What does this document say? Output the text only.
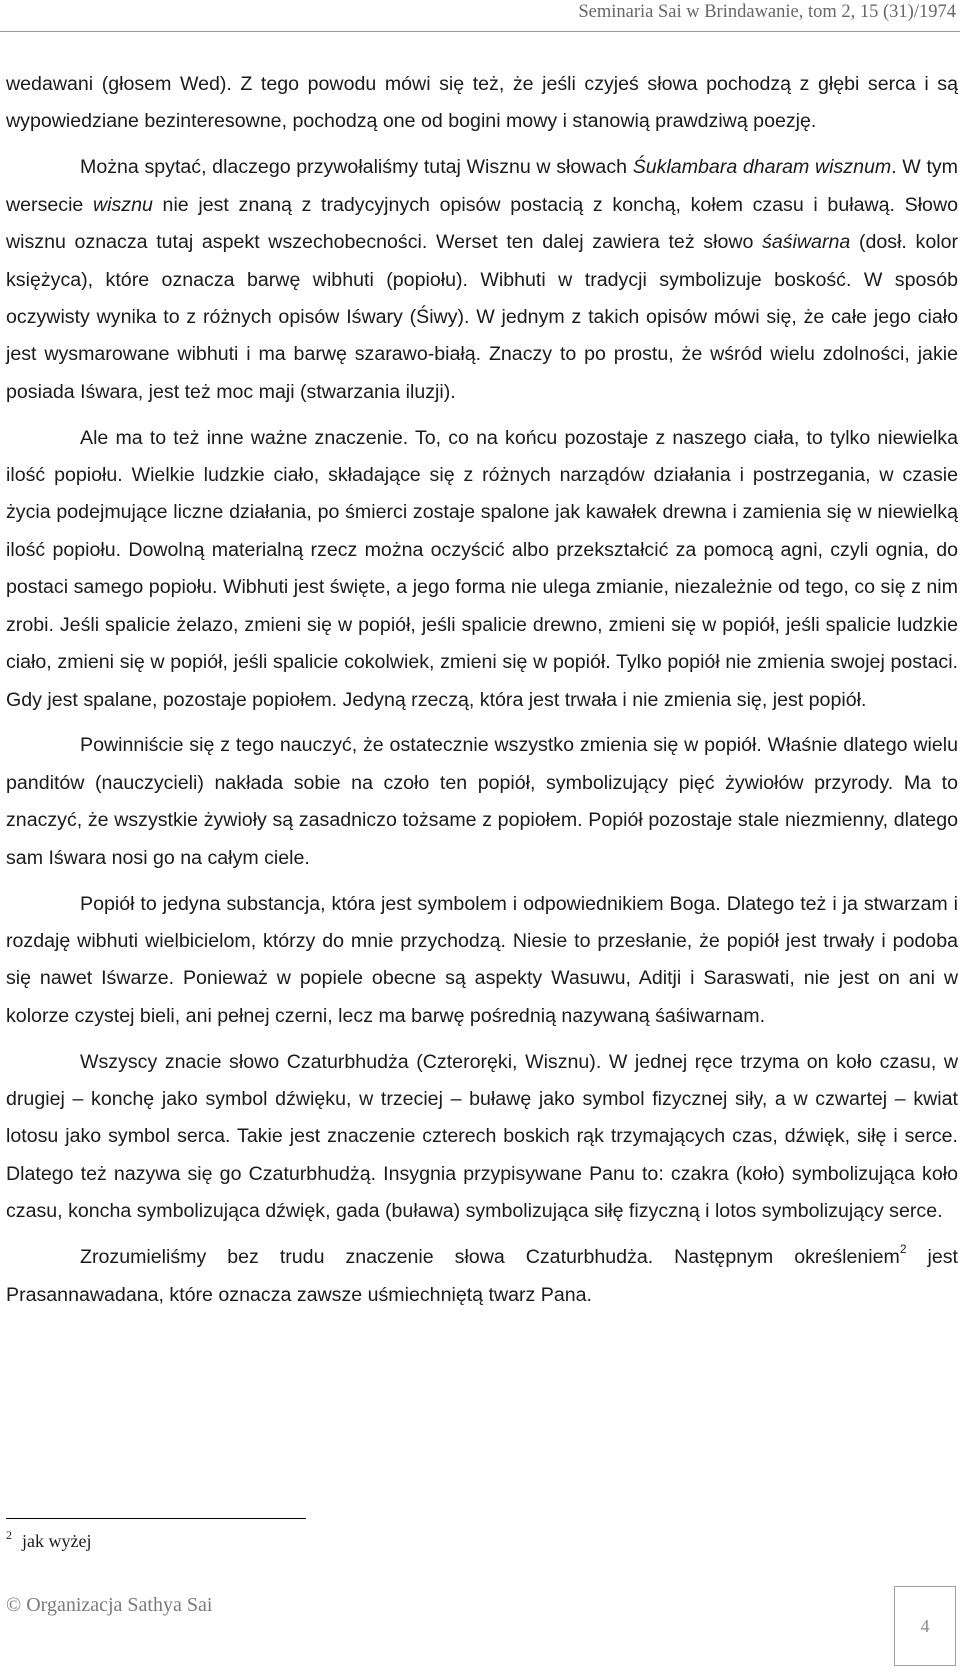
Seminaria Sai w Brindawanie, tom 2, 15 (31)/1974

wedawani (głosem Wed). Z tego powodu mówi się też, że jeśli czyjeś słowa pochodzą z głębi serca i są wypowiedziane bezinteresowne, pochodzą one od bogini mowy i stanowią prawdziwą poezję.

Można spytać, dlaczego przywołaliśmy tutaj Wisznu w słowach Śuklambara dharam wisznum. W tym wersecie wisznu nie jest znaną z tradycyjnych opisów postacią z konchą, kołem czasu i buławą. Słowo wisznu oznacza tutaj aspekt wszechobecności. Werset ten dalej zawiera też słowo śaśiwarna (dosł. kolor księżyca), które oznacza barwę wibhuti (popiołu). Wibhuti w tradycji symbolizuje boskość. W sposób oczywisty wynika to z różnych opisów Iśwary (Śiwy). W jednym z takich opisów mówi się, że całe jego ciało jest wysmarowane wibhuti i ma barwę szarawo-białą. Znaczy to po prostu, że wśród wielu zdolności, jakie posiada Iśwara, jest też moc maji (stwarzania iluzji).

Ale ma to też inne ważne znaczenie. To, co na końcu pozostaje z naszego ciała, to tylko niewielka ilość popiołu. Wielkie ludzkie ciało, składające się z różnych narządów działania i postrzegania, w czasie życia podejmujące liczne działania, po śmierci zostaje spalone jak kawałek drewna i zamienia się w niewielką ilość popiołu. Dowolną materialną rzecz można oczyścić albo przekształcić za pomocą agni, czyli ognia, do postaci samego popiołu. Wibhuti jest święte, a jego forma nie ulega zmianie, niezależnie od tego, co się z nim zrobi. Jeśli spalicie żelazo, zmieni się w popiół, jeśli spalicie drewno, zmieni się w popiół, jeśli spalicie ludzkie ciało, zmieni się w popiół, jeśli spalicie cokolwiek, zmieni się w popiół. Tylko popiół nie zmienia swojej postaci. Gdy jest spalane, pozostaje popiołem. Jedyną rzeczą, która jest trwała i nie zmienia się, jest popiół.

Powinniście się z tego nauczyć, że ostatecznie wszystko zmienia się w popiół. Właśnie dlatego wielu panditów (nauczycieli) nakłada sobie na czoło ten popiół, symbolizujący pięć żywiołów przyrody. Ma to znaczyć, że wszystkie żywioły są zasadniczo tożsame z popiołem. Popiół pozostaje stale niezmienny, dlatego sam Iśwara nosi go na całym ciele.

Popiół to jedyna substancja, która jest symbolem i odpowiednikiem Boga. Dlatego też i ja stwarzam i rozdaję wibhuti wielbicielom, którzy do mnie przychodzą. Niesie to przesłanie, że popiół jest trwały i podoba się nawet Iśwarze. Ponieważ w popiele obecne są aspekty Wasuwu, Aditji i Saraswati, nie jest on ani w kolorze czystej bieli, ani pełnej czerni, lecz ma barwę pośrednią nazywaną śaśiwarnam.

Wszyscy znacie słowo Czaturbhudża (Czteroręki, Wisznu). W jednej ręce trzyma on koło czasu, w drugiej – konchę jako symbol dźwięku, w trzeciej – buławę jako symbol fizycznej siły, a w czwartej – kwiat lotosu jako symbol serca. Takie jest znaczenie czterech boskich rąk trzymających czas, dźwięk, siłę i serce. Dlatego też nazywa się go Czaturbhudżą. Insygnia przypisywane Panu to: czakra (koło) symbolizująca koło czasu, koncha symbolizująca dźwięk, gada (buława) symbolizująca siłę fizyczną i lotos symbolizujący serce.

Zrozumieliśmy bez trudu znaczenie słowa Czaturbhudża. Następnym określeniem$^2$ jest Prasannawadana, które oznacza zawsze uśmiechniętą twarz Pana.

$^2$ jak wyżej
© Organizacja Sathya Sai
4
